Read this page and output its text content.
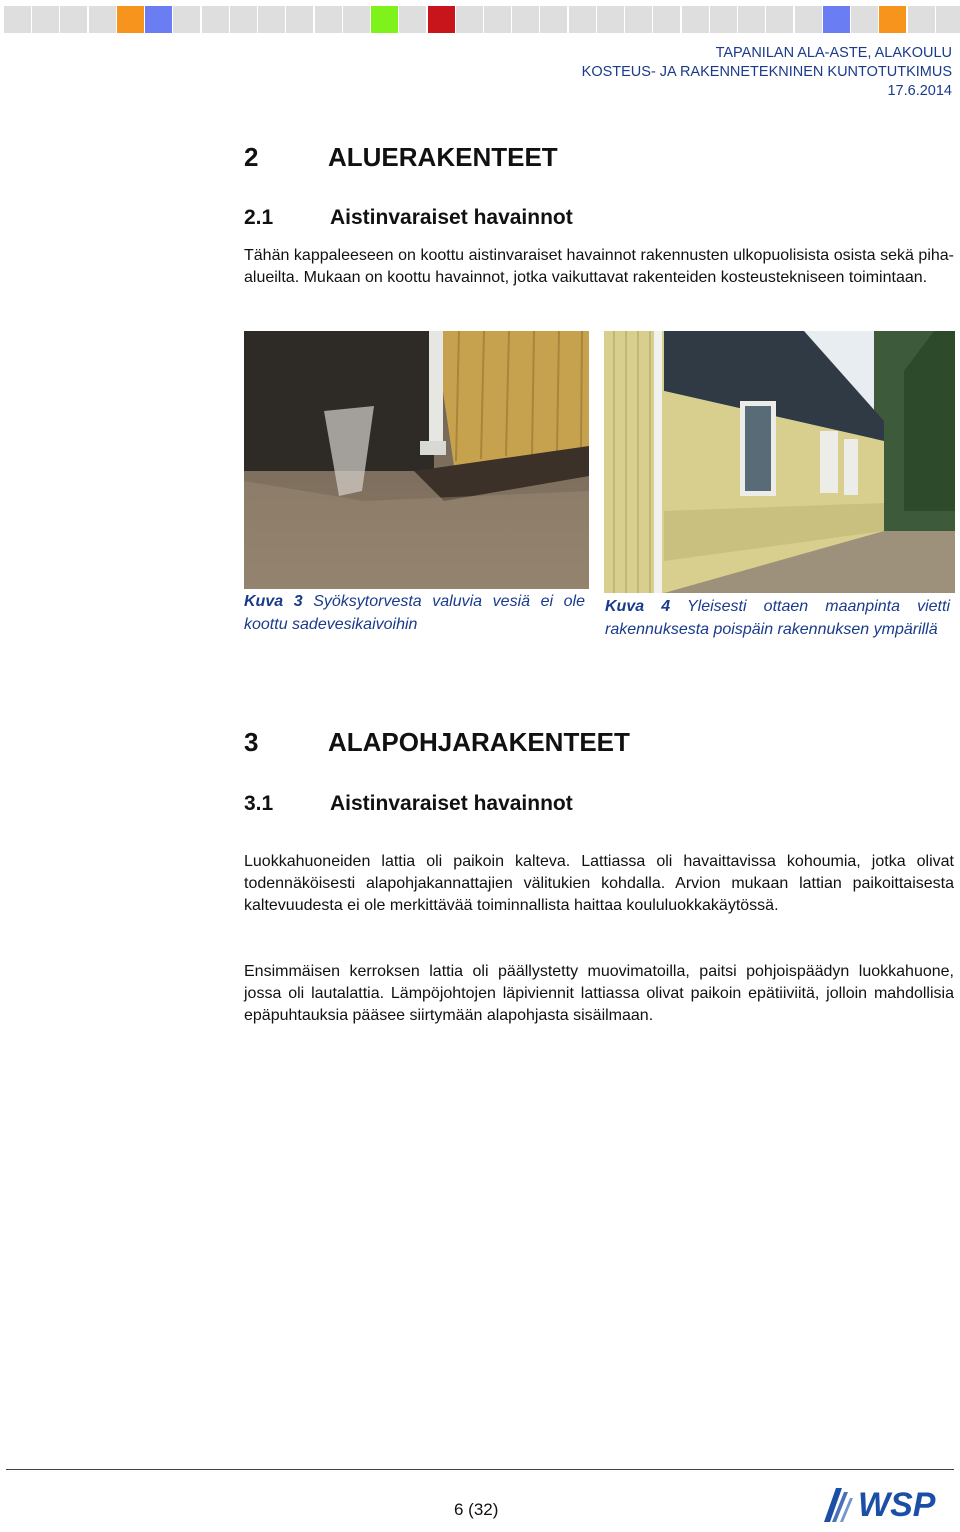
TAPANILAN ALA-ASTE, ALAKOULU
KOSTEUS- JA RAKENNETEKNINEN KUNTOTUTKIMUS
17.6.2014
2	ALUERAKENTEET
2.1	Aistinvaraiset havainnot

Tähän kappaleeseen on koottu aistinvaraiset havainnot rakennusten ulkopuolisista osista sekä piha-alueilta. Mukaan on koottu havainnot, jotka vaikuttavat rakenteiden kosteustekniseen toimintaan.

Kuva 3 Syöksytorvesta valuvia vesiä ei ole koottu sadevesikaivoihin

Kuva 4 Yleisesti ottaen maanpinta vietti rakennuksesta poispäin rakennuksen ympärillä

3	ALAPOHJARAKENTEET
3.1	Aistinvaraiset havainnot

Luokkahuoneiden lattia oli paikoin kalteva. Lattiassa oli havaittavissa kohoumia, jotka olivat todennäköisesti alapohjakannattajien välitukien kohdalla. Arvion mukaan lattian paikoittaisesta kaltevuudesta ei ole merkittävää toiminnallista haittaa koululuokkakäytössä.

Ensimmäisen kerroksen lattia oli päällystetty muovimatoilla, paitsi pohjoispäädyn luokkahuone, jossa oli lautalattia. Lämpöjohtojen läpiviennit lattiassa olivat paikoin epätiiviitä, jolloin mahdollisia epäpuhtauksia pääsee siirtymään alapohjasta sisäilmaan.

6 (32)	WSP
